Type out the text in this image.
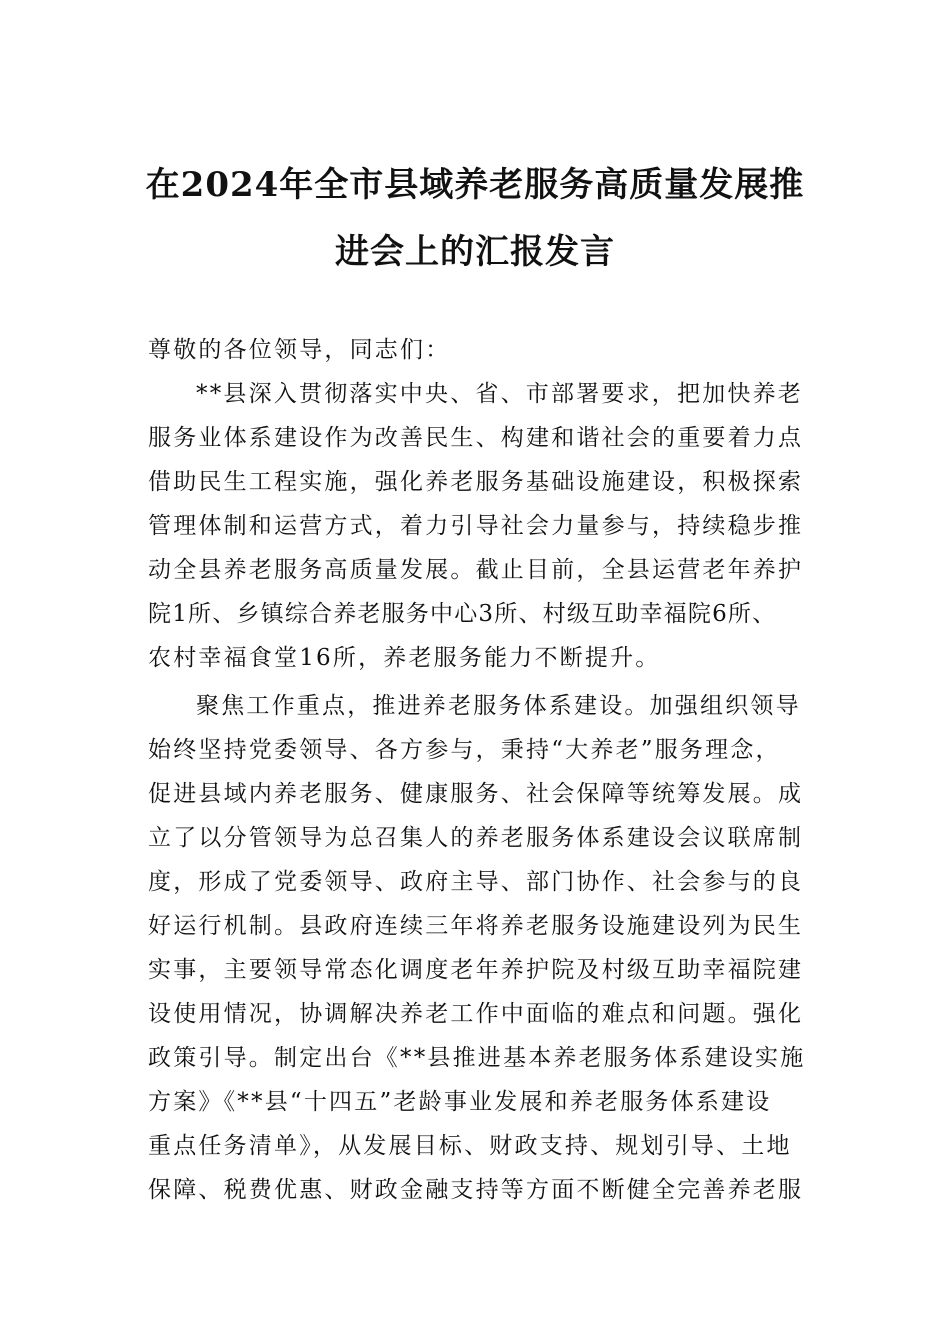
在2024年全市县域养老服务高质量发展推
进会上的汇报发言
尊敬的各位领导，同志们：
**县深入贯彻落实中央、省、市部署要求，把加快养老
服务业体系建设作为改善民生、构建和谐社会的重要着力点
借助民生工程实施，强化养老服务基础设施建设，积极探索
管理体制和运营方式，着力引导社会力量参与，持续稳步推
动全县养老服务高质量发展。截止目前，全县运营老年养护
院1所、乡镇综合养老服务中心3所、村级互助幸福院6所、
农村幸福食堂16所，养老服务能力不断提升。
聚焦工作重点，推进养老服务体系建设。加强组织领导
始终坚持党委领导、各方参与，秉持“大养老”服务理念，
促进县域内养老服务、健康服务、社会保障等统筹发展。成
立了以分管领导为总召集人的养老服务体系建设会议联席制
度，形成了党委领导、政府主导、部门协作、社会参与的良
好运行机制。县政府连续三年将养老服务设施建设列为民生
实事，主要领导常态化调度老年养护院及村级互助幸福院建
设使用情况，协调解决养老工作中面临的难点和问题。强化
政策引导。制定出台《**县推进基本养老服务体系建设实施
方案》《**县“十四五”老龄事业发展和养老服务体系建设
重点任务清单》，从发展目标、财政支持、规划引导、土地
保障、税费优惠、财政金融支持等方面不断健全完善养老服
